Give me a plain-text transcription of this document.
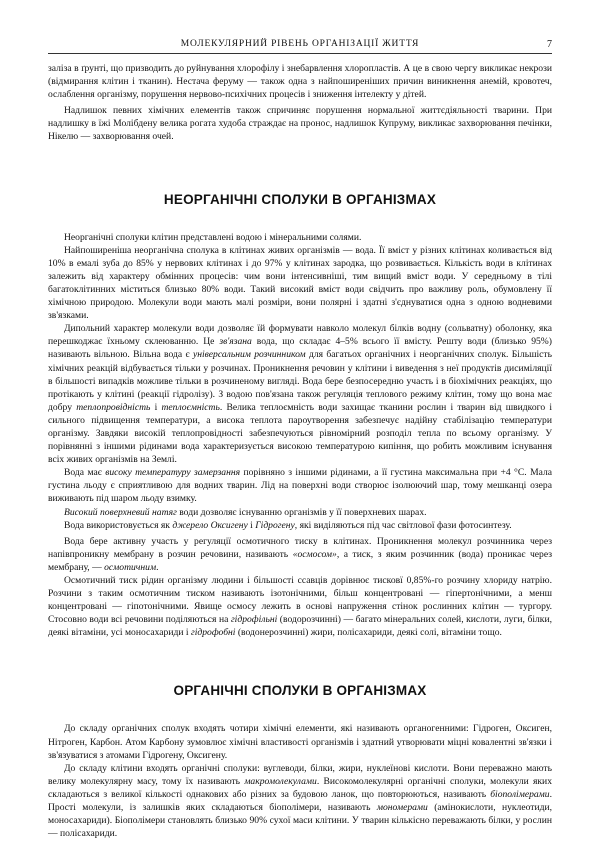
МОЛЕКУЛЯРНИЙ РІВЕНЬ ОРГАНІЗАЦІЇ ЖИТТЯ	7

заліза в ґрунті, що призводить до руйнування хлорофілу і знебарвлення хлоропластів. А це в свою чергу викликає некрози (відмирання клітин і тканин). Нестача феруму — також одна з найпоширеніших причин виникнення анемій, кровотеч, ослаблення організму, порушення нервово-психічних процесів і зниження інтелекту у дітей.

Надлишок певних хімічних елементів також спричиняє порушення нормальної життєдіяльності тварини. При надлишку в їжі Молібдену велика рогата худоба страждає на пронос, надлишок Купруму, викликає захворювання печінки, Нікелю — захворювання очей.

НЕОРГАНІЧНІ СПОЛУКИ В ОРГАНІЗМАХ

Неорганічні сполуки клітин представлені водою і мінеральними солями.

Найпоширеніша неорганічна сполука в клітинах живих організмів — вода. Її вміст у різних клітинах коливається від 10% в емалі зуба до 85% у нервових клітинах і до 97% у клітинах зародка, що розвивається. Кількість води в клітинах залежить від характеру обмінних процесів: чим вони інтенсивніші, тим вищий вміст води. У середньому в тілі багатоклітинних міститься близько 80% води. Такий високий вміст води свідчить про важливу роль, обумовлену її хімічною природою. Молекули води мають малі розміри, вони полярні і здатні з'єднуватися одна з одною водневими зв'язками.

Дипольний характер молекули води дозволяє їй формувати навколо молекул білків водну (сольватну) оболонку, яка перешкоджає їхньому склеюванню. Це зв'язана вода, що складає 4–5% всього її вмісту. Решту води (близько 95%) називають вільною. Вільна вода є універсальним розчинником для багатьох органічних і неорганічних сполук. Більшість хімічних реакцій відбувається тільки у розчинах. Проникнення речовин у клітини і виведення з неї продуктів дисиміляції в більшості випадків можливе тільки в розчиненому вигляді. Вода бере безпосередню участь і в біохімічних реакціях, що протікають у клітині (реакції гідролізу). З водою пов'язана також регуляція теплового режиму клітин, тому що вона має добру теплопровідність і теплоємність. Велика теплоємність води захищає тканини рослин і тварин від швидкого і сильного підвищення температури, а висока теплота пароутворення забезпечує надійну стабілізацію температури організму. Завдяки високій теплопровідності забезпечуються рівномірний розподіл тепла по всьому організму. У порівнянні з іншими рідинами вода характеризується високою температурою кипіння, що робить можливим існування всіх живих організмів на Землі.

Вода має високу температуру замерзання порівняно з іншими рідинами, а її густина максимальна при +4 °С. Мала густина льоду є сприятливою для водних тварин. Лід на поверхні води створює ізолюючий шар, тому мешканці озера виживають під шаром льоду взимку.

Високий поверхневий натяг води дозволяє існуванню організмів у її поверхневих шарах.

Вода використовується як джерело Оксигену і Гідрогену, які виділяються під час світлової фази фотосинтезу.

Вода бере активну участь у регуляції осмотичного тиску в клітинах. Проникнення молекул розчинника через напівпроникну мембрану в розчин речовини, називають «осмосом», а тиск, з яким розчинник (вода) проникає через мембрану, — осмотичним.

Осмотичний тиск рідин організму людини і більшості ссавців дорівнює тисковї 0,85%-го розчину хлориду натрію. Розчини з таким осмотичним тиском називають ізотонічними, більш концентровані — гіпертонічними, а менш концентровані — гіпотонічними. Явище осмосу лежить в основі напруження стінок рослинних клітин — тургору. Стосовно води всі речовини поділяються на гідрофільні (водорозчинні) — багато мінеральних солей, кислоти, луги, білки, деякі вітаміни, усі моносахариди і гідрофобні (водонерозчинні) жири, полісахариди, деякі солі, вітаміни тощо.

ОРГАНІЧНІ СПОЛУКИ В ОРГАНІЗМАХ

До складу органічних сполук входять чотири хімічні елементи, які називають органогенними: Гідроген, Оксиген, Нітроген, Карбон. Атом Карбону зумовлює хімічні властивості організмів і здатний утворювати міцні ковалентні зв'язки і зв'язуватися з атомами Гідрогену, Оксигену.

До складу клітини входять органічні сполуки: вуглеводи, білки, жири, нуклеїнові кислоти. Вони переважно мають велику молекулярну масу, тому їх називають макромолекулами. Високомолекулярні органічні сполуки, молекули яких складаються з великої кількості однакових або різних за будовою ланок, що повторюються, називають біополімерами. Прості молекули, із залишків яких складаються біополімери, називають мономерами (амінокислоти, нуклеотиди, моносахариди). Біополімери становлять близько 90% сухої маси клітини. У тварин кількісно переважають білки, у рослин — полісахариди.
